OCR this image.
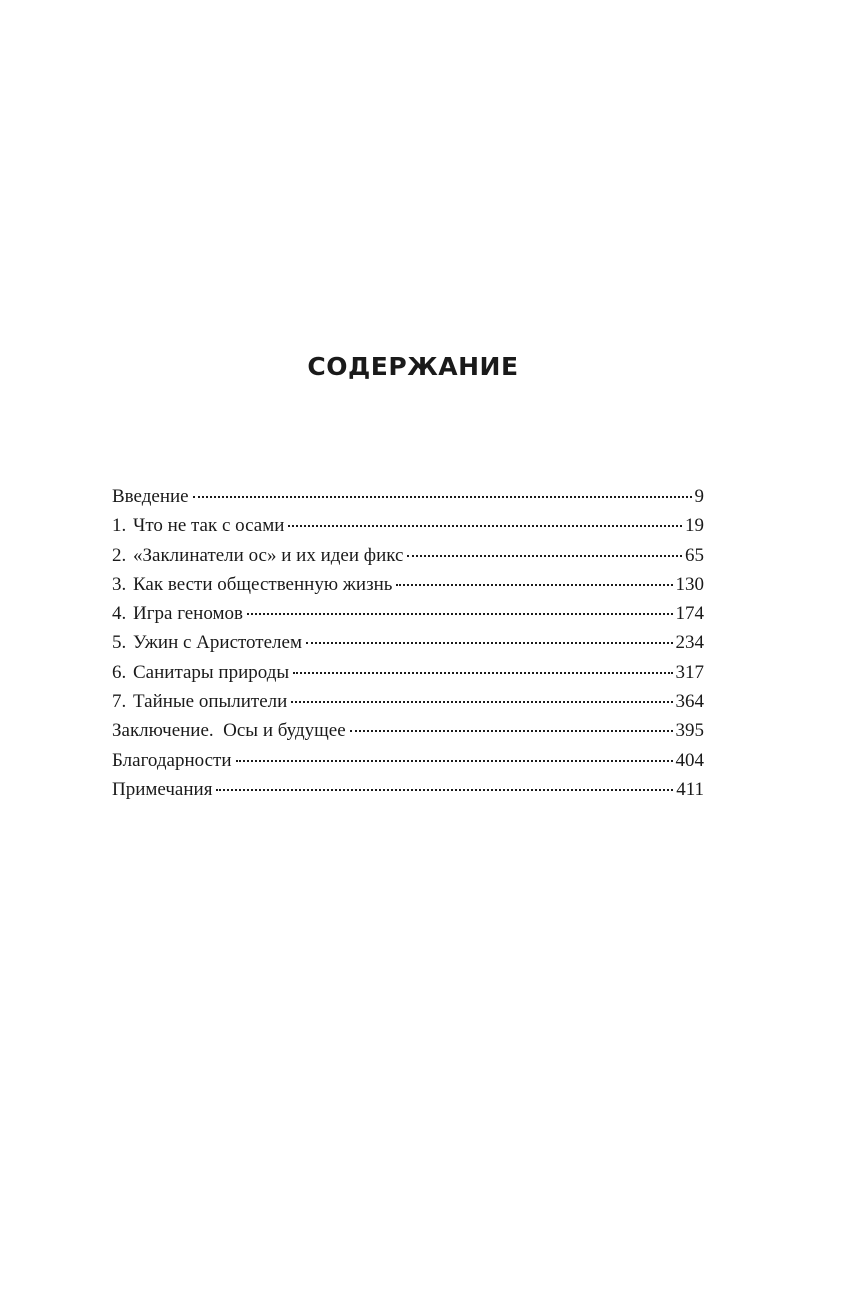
СОДЕРЖАНИЕ
Введение	9
1. Что не так с осами	19
2. «Заклинатели ос» и их идеи фикс	65
3. Как вести общественную жизнь	130
4. Игра геномов	174
5. Ужин с Аристотелем	234
6. Санитары природы	317
7. Тайные опылители	364
Заключение.  Осы и будущее	395
Благодарности	404
Примечания	411
